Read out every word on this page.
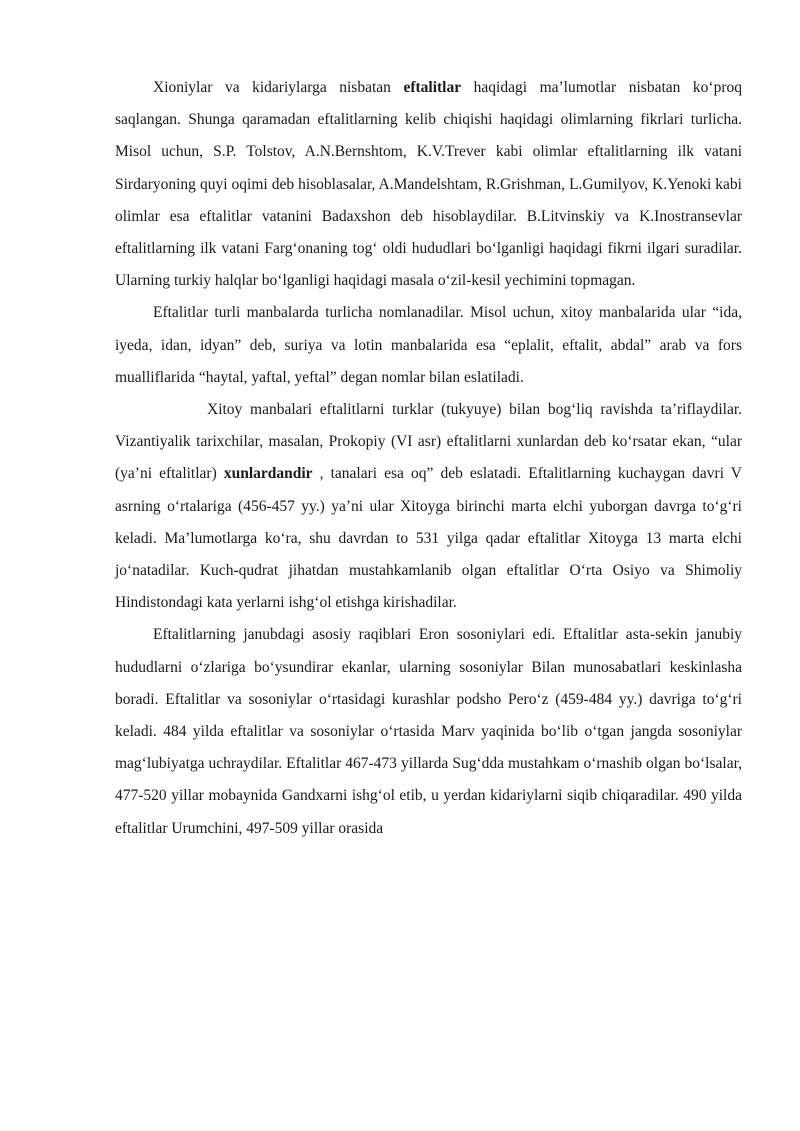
Xioniylar va kidariylarga nisbatan eftalitlar haqidagi ma’lumotlar nisbatan ko‘proq saqlangan. Shunga qaramadan eftalitlarning kelib chiqishi haqidagi olimlarning fikrlari turlicha. Misol uchun, S.P. Tolstov, A.N.Bernshtom, K.V.Trever kabi olimlar eftalitlarning ilk vatani Sirdaryoning quyi oqimi deb hisoblasalar, A.Mandelshtam, R.Grishman, L.Gumilyov, K.Yenoki kabi olimlar esa eftalitlar vatanini Badaxshon deb hisoblaydilar. B.Litvinskiy va K.Inostransevlar eftalitlarning ilk vatani Farg‘onaning tog‘ oldi hududlari bo‘lganligi haqidagi fikrni ilgari suradilar. Ularning turkiy halqlar bo‘lganligi haqidagi masala o‘zil-kesil yechimini topmagan.

Eftalitlar turli manbalarda turlicha nomlanadilar. Misol uchun, xitoy manbalarida ular “ida, iyeda, idan, idyan” deb, suriya va lotin manbalarida esa “eplalit, eftalit, abdal” arab va fors mualliflarida “haytal, yaftal, yeftal” degan nomlar bilan eslatiladi.

Xitoy manbalari eftalitlarni turklar (tukyuye) bilan bog‘liq ravishda ta’riflaydilar. Vizantiyalik tarixchilar, masalan, Prokopiy (VI asr) eftalitlarni xunlardan deb ko‘rsatar ekan, “ular (ya’ni eftalitlar) xunlardandir , tanalari esa oq” deb eslatadi. Eftalitlarning kuchaygan davri V asrning o‘rtalariga (456-457 yy.) ya’ni ular Xitoyga birinchi marta elchi yuborgan davrga to‘g‘ri keladi. Ma’lumotlarga ko‘ra, shu davrdan to 531 yilga qadar eftalitlar Xitoyga 13 marta elchi jo‘natadilar. Kuch-qudrat jihatdan mustahkamlanib olgan eftalitlar O‘rta Osiyo va Shimoliy Hindistondagi kata yerlarni ishg‘ol etishga kirishadilar.

Eftalitlarning janubdagi asosiy raqiblari Eron sosoniylari edi. Eftalitlar asta-sekin janubiy hududlarni o‘zlariga bo‘ysundirar ekanlar, ularning sosoniylar Bilan munosabatlari keskinlasha boradi. Eftalitlar va sosoniylar o‘rtasidagi kurashlar podsho Pero‘z (459-484 yy.) davriga to‘g‘ri keladi. 484 yilda eftalitlar va sosoniylar o‘rtasida Marv yaqinida bo‘lib o‘tgan jangda sosoniylar mag‘lubiyatga uchraydilar. Eftalitlar 467-473 yillarda Sug‘dda mustahkam o‘rnashib olgan bo‘lsalar, 477-520 yillar mobaynida Gandxarni ishg‘ol etib, u yerdan kidariylarni siqib chiqaradilar. 490 yilda eftalitlar Urumchini, 497-509 yillar orasida
